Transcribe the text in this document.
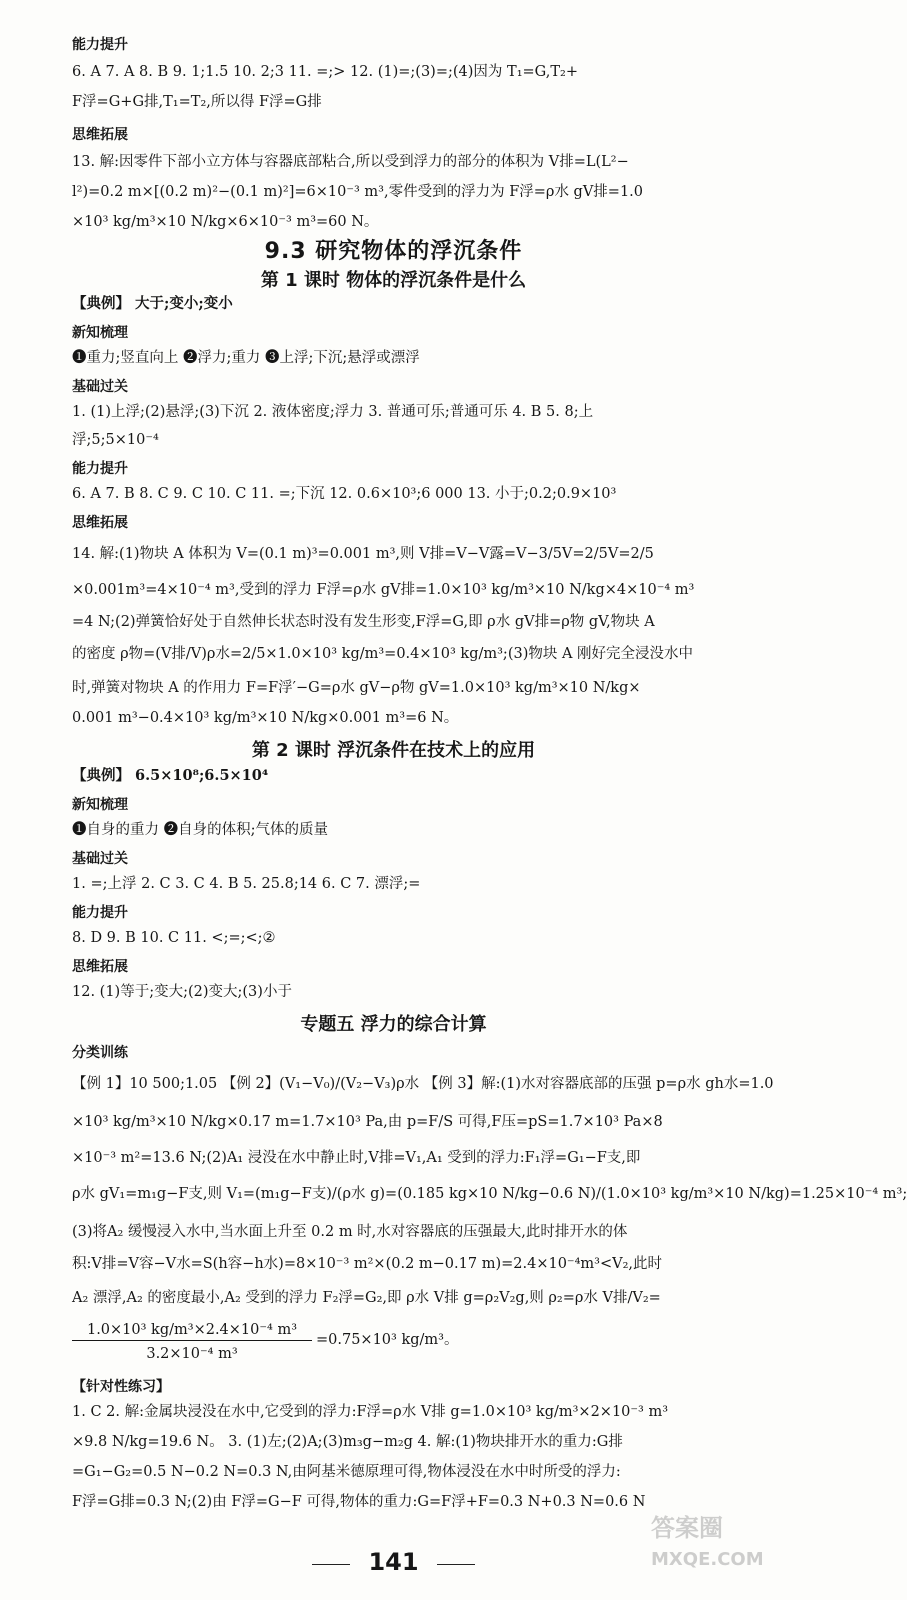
能力提升
6. A 7. A 8. B 9. 1;1.5 10. 2;3 11. =;> 12. (1)=;(3)=;(4)因为 T₁=G,T₂+
F浮=G+G排,T₁=T₂,所以得 F浮=G排
思维拓展
13. 解:因零件下部小立方体与容器底部粘合,所以受到浮力的部分的体积为 V排=L(L²−
l²)=0.2 m×[(0.2 m)²−(0.1 m)²]=6×10⁻³ m³,零件受到的浮力为 F浮=ρ水 gV排=1.0
×10³ kg/m³×10 N/kg×6×10⁻³ m³=60 N。
9.3 研究物体的浮沉条件
第 1 课时 物体的浮沉条件是什么
【典例】 大于;变小;变小
新知梳理
❶重力;竖直向上 ❷浮力;重力 ❸上浮;下沉;悬浮或漂浮
基础过关
1. (1)上浮;(2)悬浮;(3)下沉 2. 液体密度;浮力 3. 普通可乐;普通可乐 4. B 5. 8;上
浮;5;5×10⁻⁴
能力提升
6. A 7. B 8. C 9. C 10. C 11. =;下沉 12. 0.6×10³;6 000 13. 小于;0.2;0.9×10³
思维拓展
14. 解:(1)物块 A 体积为 V=(0.1 m)³=0.001 m³,则 V排=V−V露=V−3/5V=2/5V=2/5
×0.001m³=4×10⁻⁴ m³,受到的浮力 F浮=ρ水 gV排=1.0×10³ kg/m³×10 N/kg×4×10⁻⁴ m³
=4 N;(2)弹簧恰好处于自然伸长状态时没有发生形变,F浮=G,即 ρ水 gV排=ρ物 gV,物块 A
的密度 ρ物=(V排/V)ρ水=2/5×1.0×10³ kg/m³=0.4×10³ kg/m³;(3)物块 A 刚好完全浸没水中
时,弹簧对物块 A 的作用力 F=F浮′−G=ρ水 gV−ρ物 gV=1.0×10³ kg/m³×10 N/kg×
0.001 m³−0.4×10³ kg/m³×10 N/kg×0.001 m³=6 N。
第 2 课时 浮沉条件在技术上的应用
【典例】 6.5×10⁸;6.5×10⁴
新知梳理
❶自身的重力 ❷自身的体积;气体的质量
基础过关
1. =;上浮 2. C 3. C 4. B 5. 25.8;14 6. C 7. 漂浮;=
能力提升
8. D 9. B 10. C 11. <;=;<;②
思维拓展
12. (1)等于;变大;(2)变大;(3)小于
专题五 浮力的综合计算
分类训练
【例 1】10 500;1.05 【例 2】(V₁−V₀)/(V₂−V₃)ρ水 【例 3】解:(1)水对容器底部的压强 p=ρ水 gh水=1.0
×10³ kg/m³×10 N/kg×0.17 m=1.7×10³ Pa,由 p=F/S 可得,F压=pS=1.7×10³ Pa×8
×10⁻³ m²=13.6 N;(2)A₁ 浸没在水中静止时,V排=V₁,A₁ 受到的浮力:F₁浮=G₁−F支,即
ρ水 gV₁=m₁g−F支,则 V₁=(m₁g−F支)/(ρ水 g)=(0.185 kg×10 N/kg−0.6 N)/(1.0×10³ kg/m³×10 N/kg)=1.25×10⁻⁴ m³;
(3)将A₂ 缓慢浸入水中,当水面上升至 0.2 m 时,水对容器底的压强最大,此时排开水的体
积:V排=V容−V水=S(h容−h水)=8×10⁻³ m²×(0.2 m−0.17 m)=2.4×10⁻⁴m³<V₂,此时
A₂ 漂浮,A₂ 的密度最小,A₂ 受到的浮力 F₂浮=G₂,即 ρ水 V排 g=ρ₂V₂g,则 ρ₂=ρ水 V排/V₂=
1.0×10³ kg/m³×2.4×10⁻⁴ m³
=0.75×10³ kg/m³。
3.2×10⁻⁴ m³
【针对性练习】
1. C 2. 解:金属块浸没在水中,它受到的浮力:F浮=ρ水 V排 g=1.0×10³ kg/m³×2×10⁻³ m³
×9.8 N/kg=19.6 N。 3. (1)左;(2)A;(3)m₃g−m₂g 4. 解:(1)物块排开水的重力:G排
=G₁−G₂=0.5 N−0.2 N=0.3 N,由阿基米德原理可得,物体浸没在水中时所受的浮力:
F浮=G排=0.3 N;(2)由 F浮=G−F 可得,物体的重力:G=F浮+F=0.3 N+0.3 N=0.6 N
141
答案圈
MXQE.COM
